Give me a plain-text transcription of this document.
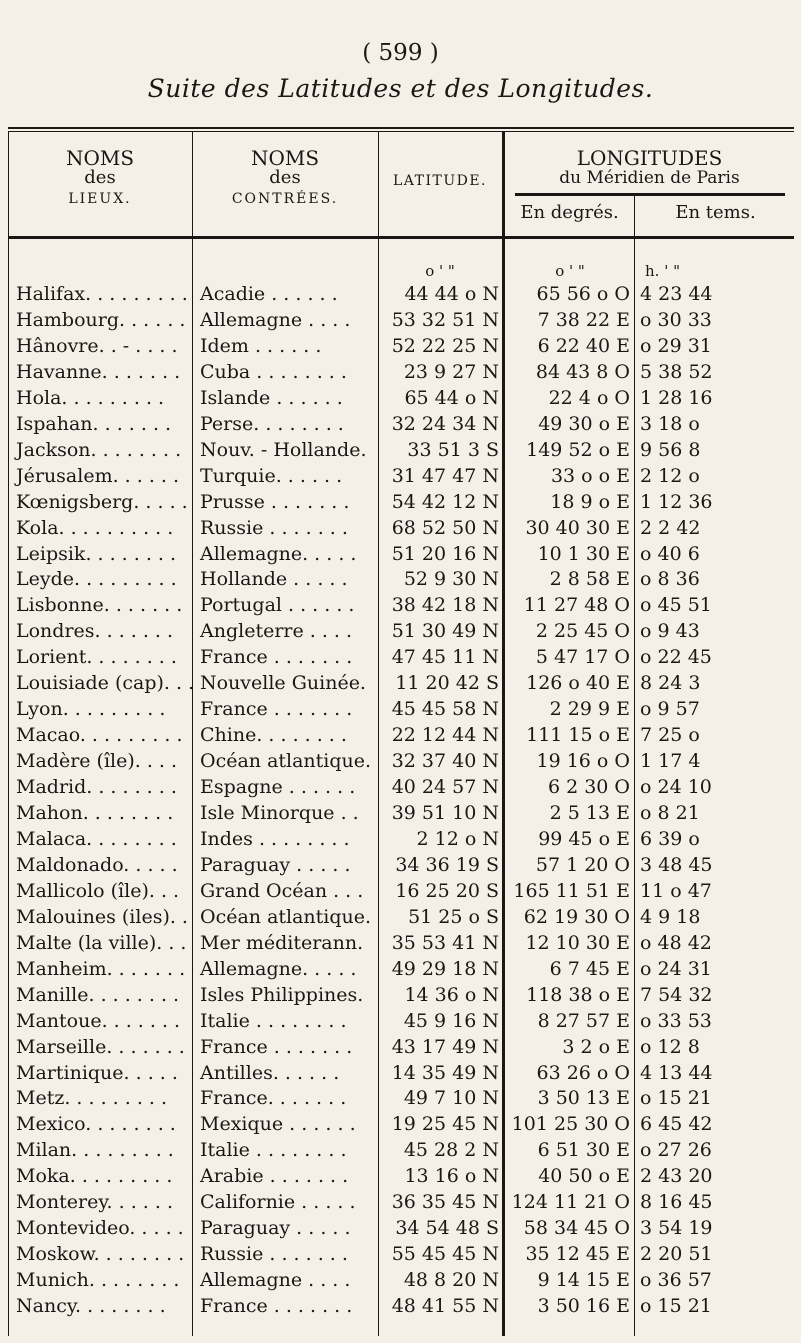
( 599 )
Suite des Latitudes et des Longitudes.
NOMS
des
LIEUX.
NOMS
des
CONTRÉES.
LATITUDE.
LONGITUDES
du Méridien de Paris
En degrés.	En tems.
o ' "	o ' "	h. ' "
Halifax. . . . . . . . . Acadie . . . . . .	44 44 o N	65 56 o O 4 23 44
Hambourg. . . . . . Allemagne . . . .	53 32 51 N	7 38 22 E o 30 33
Hânovre. . - . . . .	Idem . . . . . .	52 22 25 N	6 22 40 E o 29 31
Havanne. . . . . . .	Cuba . . . . . . . .	23 9 27 N	84 43 8 O 5 38 52
Hola. . . . . . . . .	Islande . . . . . .	65 44 o N	22 4 o O 1 28 16
Ispahan. . . . . . .	Perse. . . . . . . .	32 24 34 N	49 30 o E 3 18 o
Jackson. . . . . . . . Nouv. - Hollande.	33 51 3 S	149 52 o E 9 56 8
Jérusalem. . . . . .	Turquie. . . . . .	31 47 47 N	33 o o E 2 12 o
Kœnigsberg. . . . . Prusse . . . . . . .	54 42 12 N	18 9 o E 1 12 36
Kola. . . . . . . . . .	Russie . . . . . . .	68 52 50 N	30 40 30 E 2 2 42
Leipsik. . . . . . . .	Allemagne. . . . .	51 20 16 N	10 1 30 E o 40 6
Leyde. . . . . . . . .	Hollande . . . . .	52 9 30 N	2 8 58 E o 8 36
Lisbonne. . . . . . . Portugal . . . . . .	38 42 18 N	11 27 48 O o 45 51
Londres. . . . . . .	Angleterre . . . .	51 30 49 N	2 25 45 O o 9 43
Lorient. . . . . . . .	France . . . . . . .	47 45 11 N	5 47 17 O o 22 45
Louisiade (cap). . . Nouvelle Guinée.	11 20 42 S	126 o 40 E 8 24 3
Lyon. . . . . . . . .	France . . . . . . .	45 45 58 N	2 29 9 E o 9 57
Macao. . . . . . . . . Chine. . . . . . . .	22 12 44 N	111 15 o E 7 25 o
Madère (île). . . .	Océan atlantique.	32 37 40 N	19 16 o O 1 17 4
Madrid. . . . . . . .	Espagne . . . . . .	40 24 57 N	6 2 30 O o 24 10
Mahon. . . . . . . .	Isle Minorque . .	39 51 10 N	2 5 13 E o 8 21
Malaca. . . . . . . .	Indes . . . . . . . .	2 12 o N	99 45 o E 6 39 o
Maldonado. . . . .	Paraguay . . . . .	34 36 19 S	57 1 20 O 3 48 45
Mallicolo (île). . .	Grand Océan . . .	16 25 20 S 165 11 51 E 11 o 47
Malouines (iles). . Océan atlantique.	51 25 o S	62 19 30 O 4 9 18
Malte (la ville). . . Mer méditerann.	35 53 41 N	12 10 30 E o 48 42
Manheim. . . . . . . Allemagne. . . . .	49 29 18 N	6 7 45 E o 24 31
Manille. . . . . . . .	Isles Philippines.	14 36 o N	118 38 o E 7 54 32
Mantoue. . . . . . .	Italie . . . . . . . .	45 9 16 N	8 27 57 E o 33 53
Marseille. . . . . . . France . . . . . . .	43 17 49 N	3 2 o E o 12 8
Martinique. . . . .	Antilles. . . . . .	14 35 49 N	63 26 o O 4 13 44
Metz. . . . . . . . .	France. . . . . . .	49 7 10 N	3 50 13 E o 15 21
Mexico. . . . . . . .	Mexique . . . . . .	19 25 45 N 101 25 30 O 6 45 42
Milan. . . . . . . . .	Italie . . . . . . . .	45 28 2 N	6 51 30 E o 27 26
Moka. . . . . . . . .	Arabie . . . . . . .	13 16 o N	40 50 o E 2 43 20
Monterey. . . . . .	Californie . . . . .	36 35 45 N 124 11 21 O 8 16 45
Montevideo. . . . . Paraguay . . . . .	34 54 48 S	58 34 45 O 3 54 19
Moskow. . . . . . . . Russie . . . . . . .	55 45 45 N	35 12 45 E 2 20 51
Munich. . . . . . . .	Allemagne . . . .	48 8 20 N	9 14 15 E o 36 57
Nancy. . . . . . . .	France . . . . . . .	48 41 55 N	3 50 16 E o 15 21
